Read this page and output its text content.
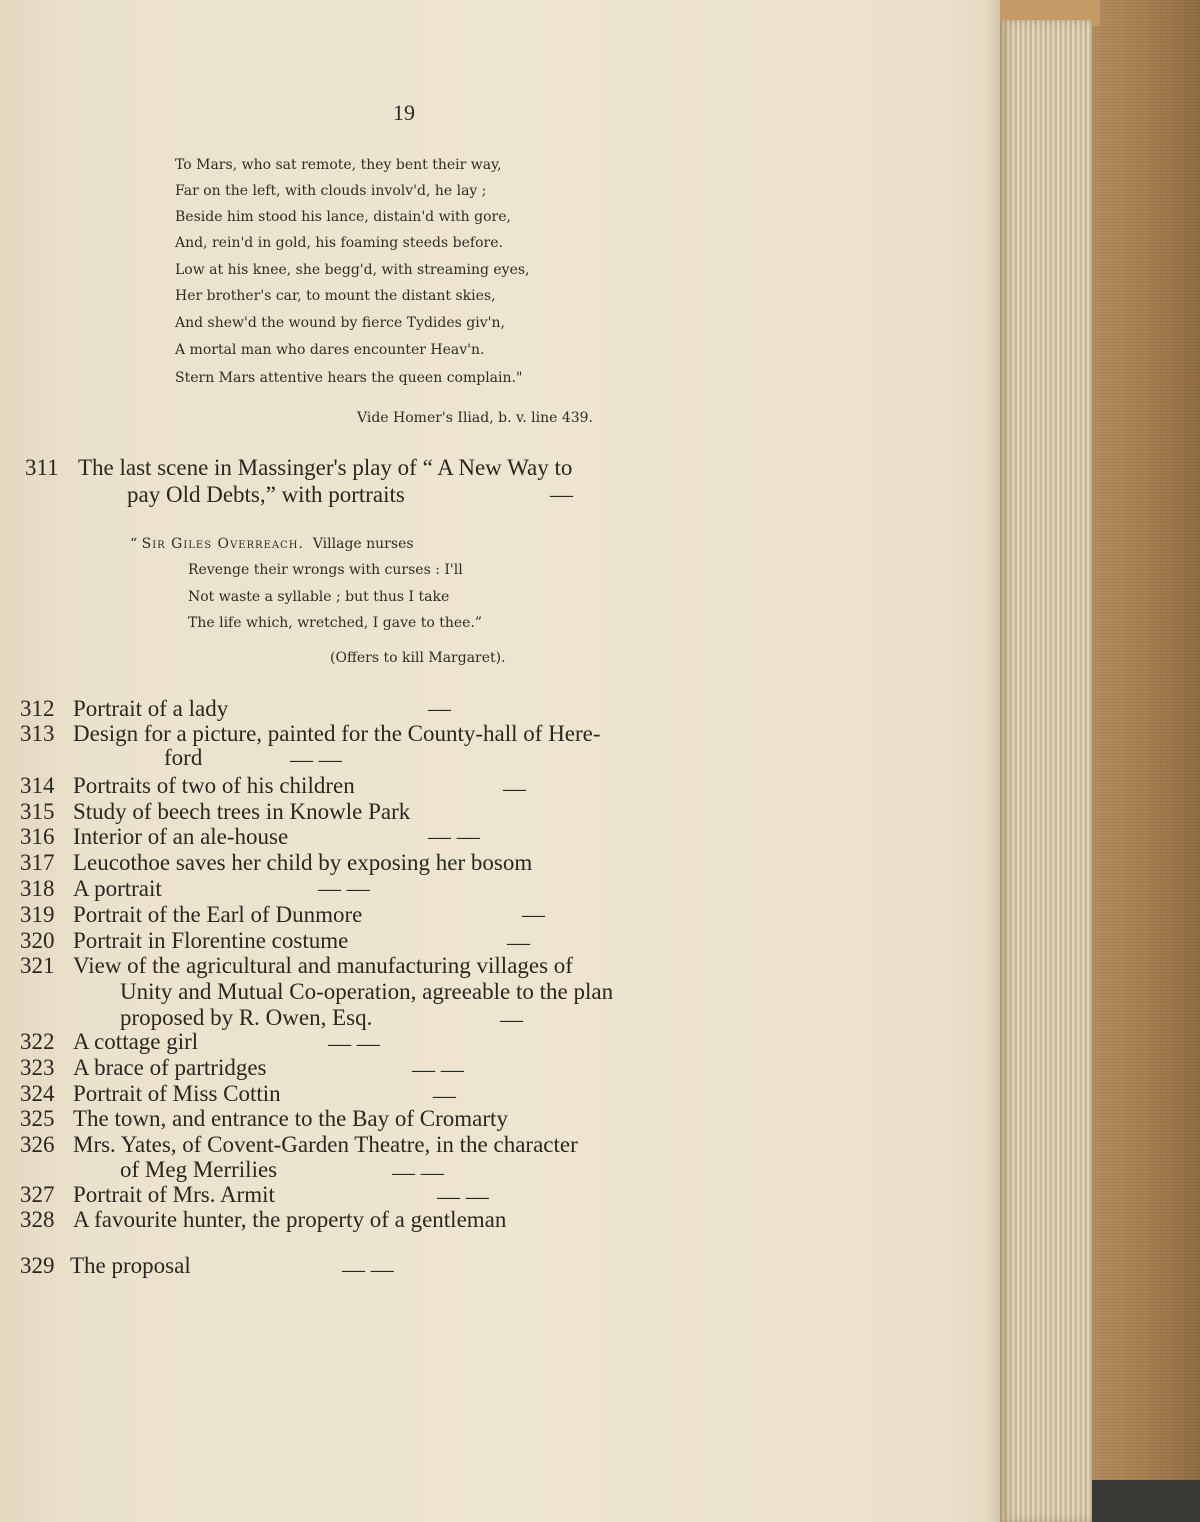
19
To Mars, who sat remote, they bent their way,
Far on the left, with clouds involv'd, he lay ;
Beside him stood his lance, distain'd with gore,
And, rein'd in gold, his foaming steeds before.
Low at his knee, she begg'd, with streaming eyes,
Her brother's car, to mount the distant skies,
And shew'd the wound by fierce Tydides giv'n,
A mortal man who dares encounter Heav'n.
Stern Mars attentive hears the queen complain."
Vide Homer's Iliad, b. v. line 439.
“ Sir Giles Overreach. Village nurses
Revenge their wrongs with curses : I'll
Not waste a syllable ; but thus I take
The life which, wretched, I gave to thee.”
(Offers to kill Margaret).
311 The last scene in Massinger's play of “ A New Way to
pay Old Debts,” with portraits	—
312 Portrait of a lady	—
313 Design for a picture, painted for the County-hall of Here-
ford	— —
314 Portraits of two of his children	—
315 Study of beech trees in Knowle Park
316 Interior of an ale-house	— —
317 Leucothoe saves her child by exposing her bosom
318 A portrait	— —
319 Portrait of the Earl of Dunmore	—
320 Portrait in Florentine costume	—
321 View of the agricultural and manufacturing villages of
Unity and Mutual Co-operation, agreeable to the plan
proposed by R. Owen, Esq.	—
322 A cottage girl	— —
323 A brace of partridges	— —
324 Portrait of Miss Cottin	—
325 The town, and entrance to the Bay of Cromarty
326 Mrs. Yates, of Covent-Garden Theatre, in the character
of Meg Merrilies	— —
327 Portrait of Mrs. Armit	— —
328 A favourite hunter, the property of a gentleman
329 The proposal	— —
